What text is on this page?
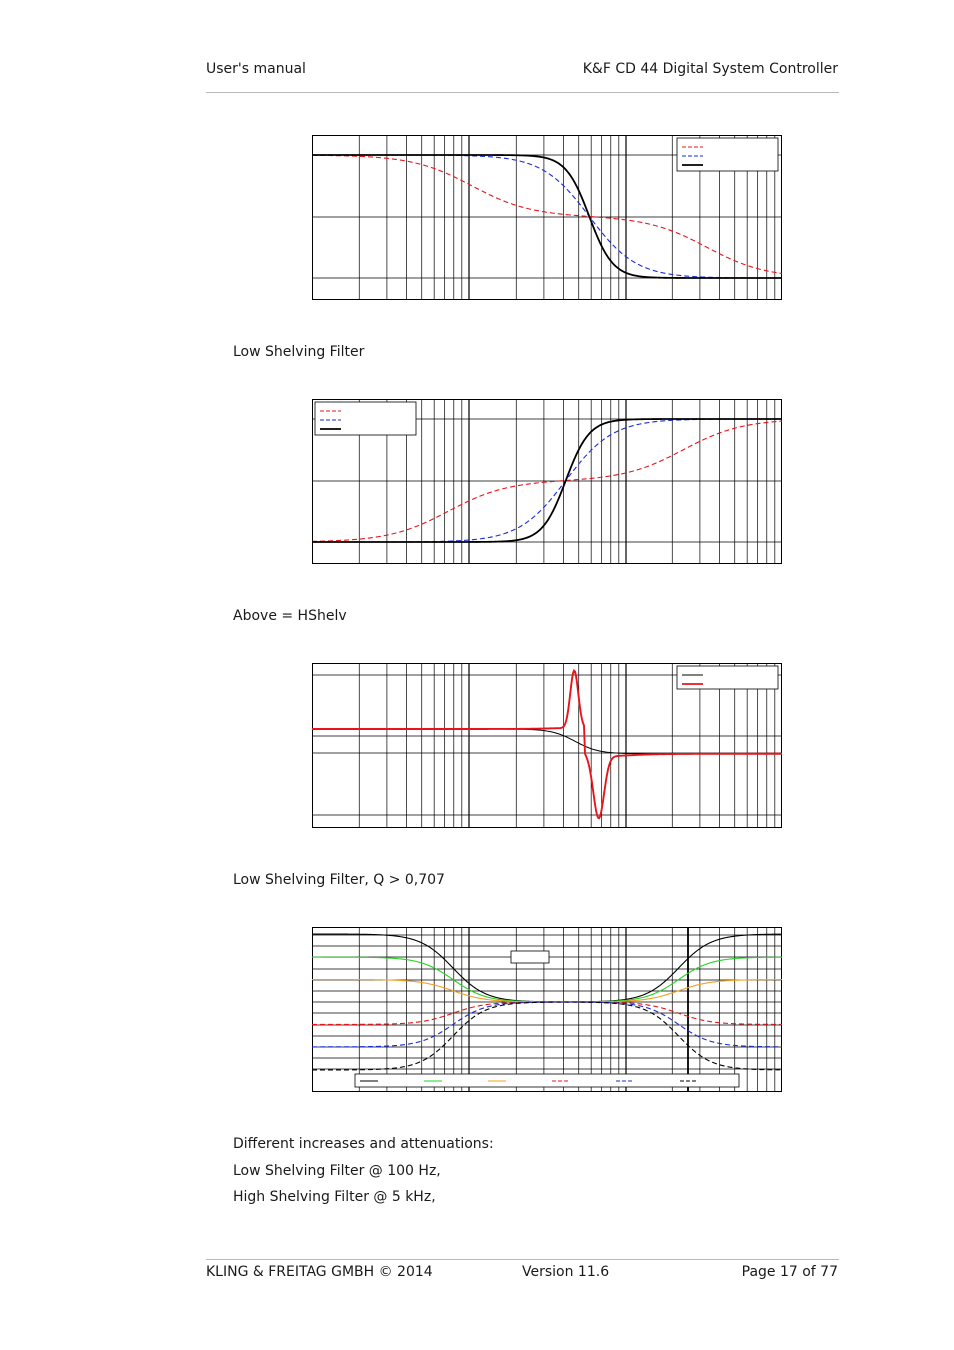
User's manual	K&F CD 44 Digital System Controller
Low Shelving Filter
Above = HShelv
Low Shelving Filter, Q > 0,707
Different increases and attenuations:
Low Shelving Filter @ 100 Hz,
High Shelving Filter @ 5 kHz,
KLING & FREITAG GMBH © 2014	Version 11.6	Page 17 of 77
